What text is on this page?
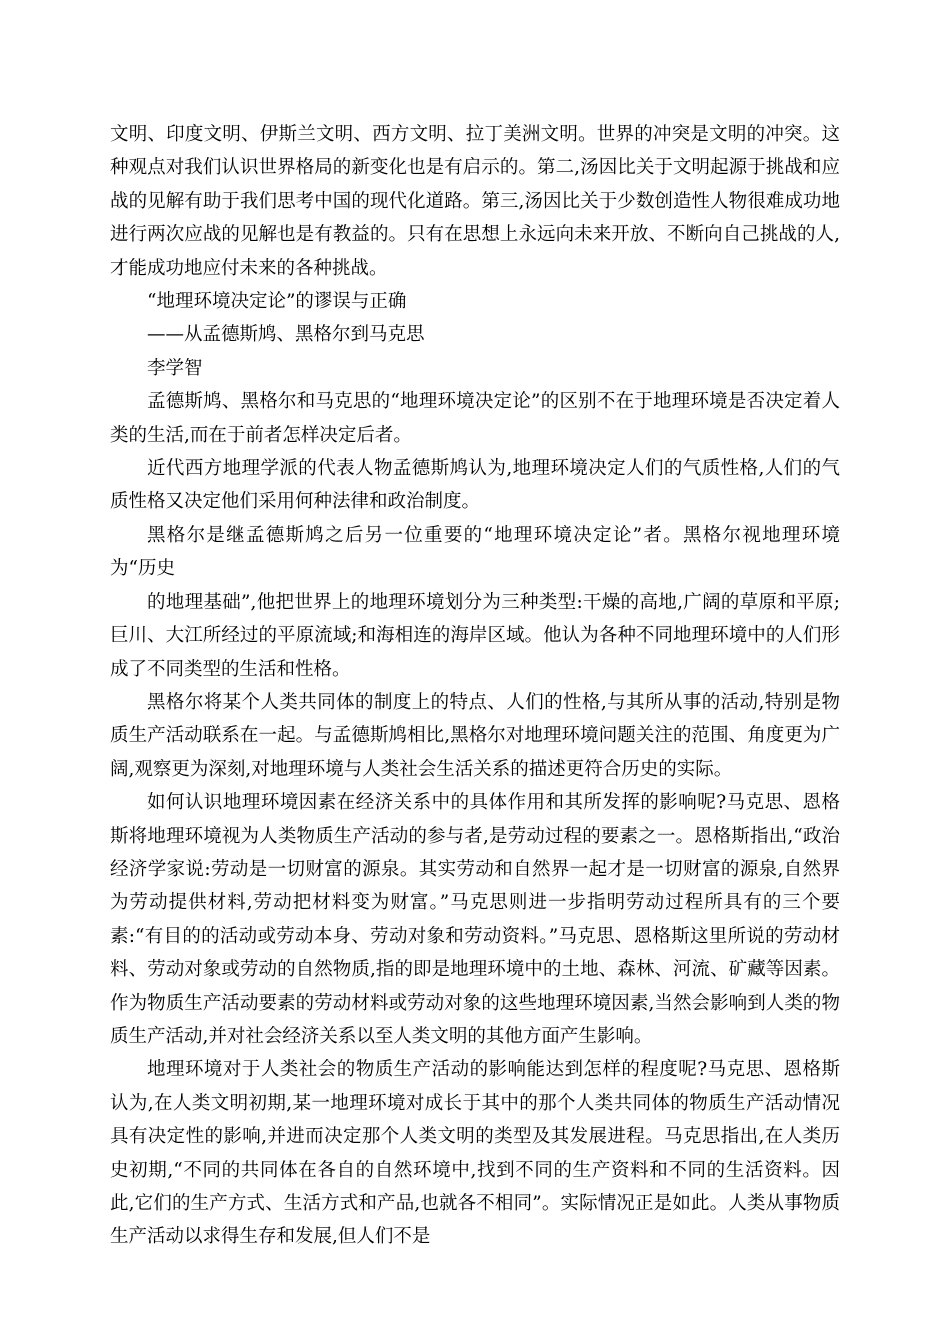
文明、印度文明、伊斯兰文明、西方文明、拉丁美洲文明。世界的冲突是文明的冲突。这种观点对我们认识世界格局的新变化也是有启示的。第二,汤因比关于文明起源于挑战和应战的见解有助于我们思考中国的现代化道路。第三,汤因比关于少数创造性人物很难成功地进行两次应战的见解也是有教益的。只有在思想上永远向未来开放、不断向自己挑战的人,才能成功地应付未来的各种挑战。

“地理环境决定论”的谬误与正确

——从孟德斯鸠、黑格尔到马克思

李学智

孟德斯鸠、黑格尔和马克思的“地理环境决定论”的区别不在于地理环境是否决定着人类的生活,而在于前者怎样决定后者。

近代西方地理学派的代表人物孟德斯鸠认为,地理环境决定人们的气质性格,人们的气质性格又决定他们采用何种法律和政治制度。

黑格尔是继孟德斯鸠之后另一位重要的“地理环境决定论”者。黑格尔视地理环境为“历史

的地理基础”,他把世界上的地理环境划分为三种类型:干燥的高地,广阔的草原和平原;巨川、大江所经过的平原流域;和海相连的海岸区域。他认为各种不同地理环境中的人们形成了不同类型的生活和性格。

黑格尔将某个人类共同体的制度上的特点、人们的性格,与其所从事的活动,特别是物质生产活动联系在一起。与孟德斯鸠相比,黑格尔对地理环境问题关注的范围、角度更为广阔,观察更为深刻,对地理环境与人类社会生活关系的描述更符合历史的实际。

如何认识地理环境因素在经济关系中的具体作用和其所发挥的影响呢?马克思、恩格斯将地理环境视为人类物质生产活动的参与者,是劳动过程的要素之一。恩格斯指出,“政治经济学家说:劳动是一切财富的源泉。其实劳动和自然界一起才是一切财富的源泉,自然界为劳动提供材料,劳动把材料变为财富。”马克思则进一步指明劳动过程所具有的三个要素:“有目的的活动或劳动本身、劳动对象和劳动资料。”马克思、恩格斯这里所说的劳动材料、劳动对象或劳动的自然物质,指的即是地理环境中的土地、森林、河流、矿藏等因素。作为物质生产活动要素的劳动材料或劳动对象的这些地理环境因素,当然会影响到人类的物质生产活动,并对社会经济关系以至人类文明的其他方面产生影响。

地理环境对于人类社会的物质生产活动的影响能达到怎样的程度呢?马克思、恩格斯认为,在人类文明初期,某一地理环境对成长于其中的那个人类共同体的物质生产活动情况具有决定性的影响,并进而决定那个人类文明的类型及其发展进程。马克思指出,在人类历史初期,“不同的共同体在各自的自然环境中,找到不同的生产资料和不同的生活资料。因此,它们的生产方式、生活方式和产品,也就各不相同”。实际情况正是如此。人类从事物质生产活动以求得生存和发展,但人们不是
